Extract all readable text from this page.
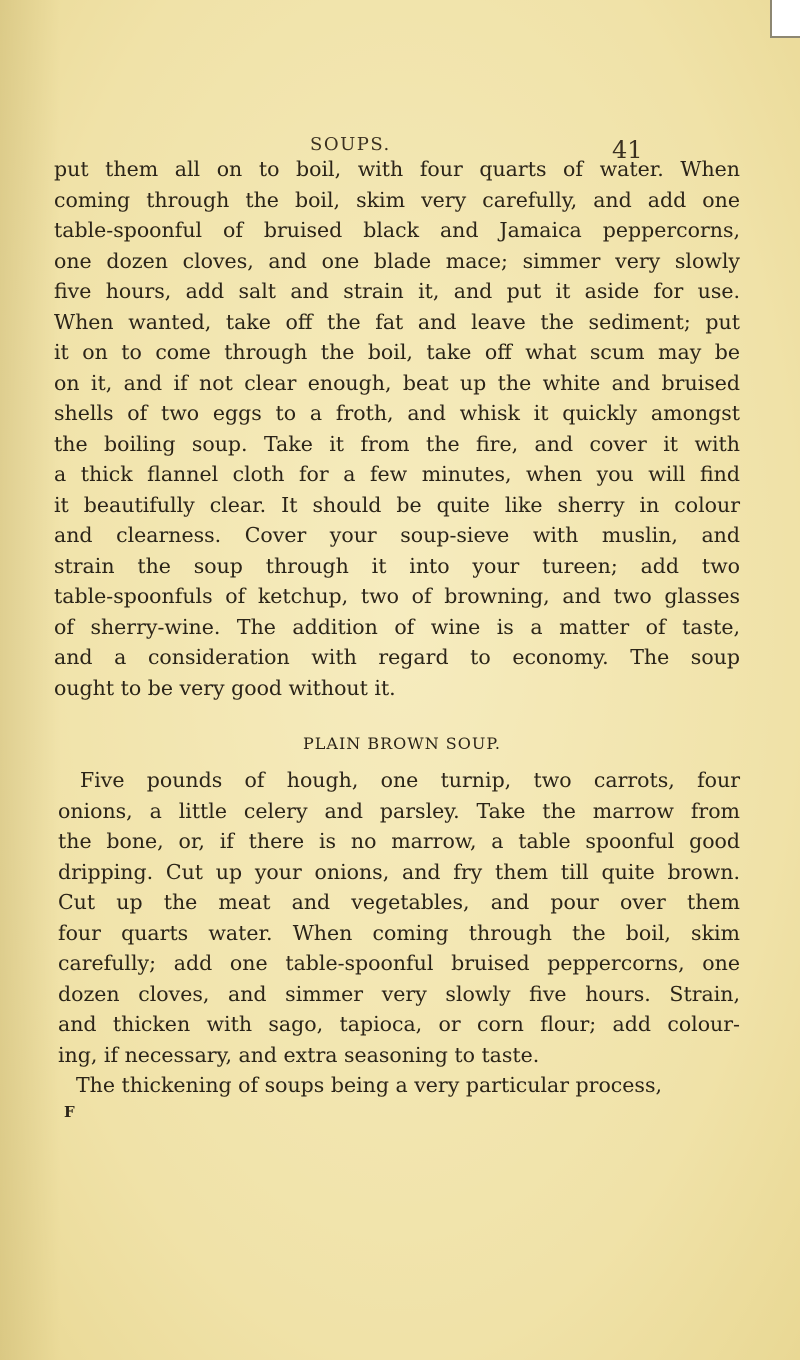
SOUPS.	41
put them all on to boil, with four quarts of water. When
coming through the boil, skim very carefully, and add one
table-spoonful of bruised black and Jamaica peppercorns,
one dozen cloves, and one blade mace; simmer very slowly
five hours, add salt and strain it, and put it aside for use.
When wanted, take off the fat and leave the sediment; put
it on to come through the boil, take off what scum may be
on it, and if not clear enough, beat up the white and bruised
shells of two eggs to a froth, and whisk it quickly amongst
the boiling soup. Take it from the fire, and cover it with
a thick flannel cloth for a few minutes, when you will find
it beautifully clear. It should be quite like sherry in colour
and clearness. Cover your soup-sieve with muslin, and
strain the soup through it into your tureen; add two
table-spoonfuls of ketchup, two of browning, and two glasses
of sherry-wine. The addition of wine is a matter of taste,
and a consideration with regard to economy. The soup
ought to be very good without it.
PLAIN BROWN SOUP.
Five pounds of hough, one turnip, two carrots, four
onions, a little celery and parsley. Take the marrow from
the bone, or, if there is no marrow, a table spoonful good
dripping. Cut up your onions, and fry them till quite brown.
Cut up the meat and vegetables, and pour over them
four quarts water. When coming through the boil, skim
carefully; add one table-spoonful bruised peppercorns, one
dozen cloves, and simmer very slowly five hours. Strain,
and thicken with sago, tapioca, or corn flour; add colour-
ing, if necessary, and extra seasoning to taste.
The thickening of soups being a very particular process,
F
